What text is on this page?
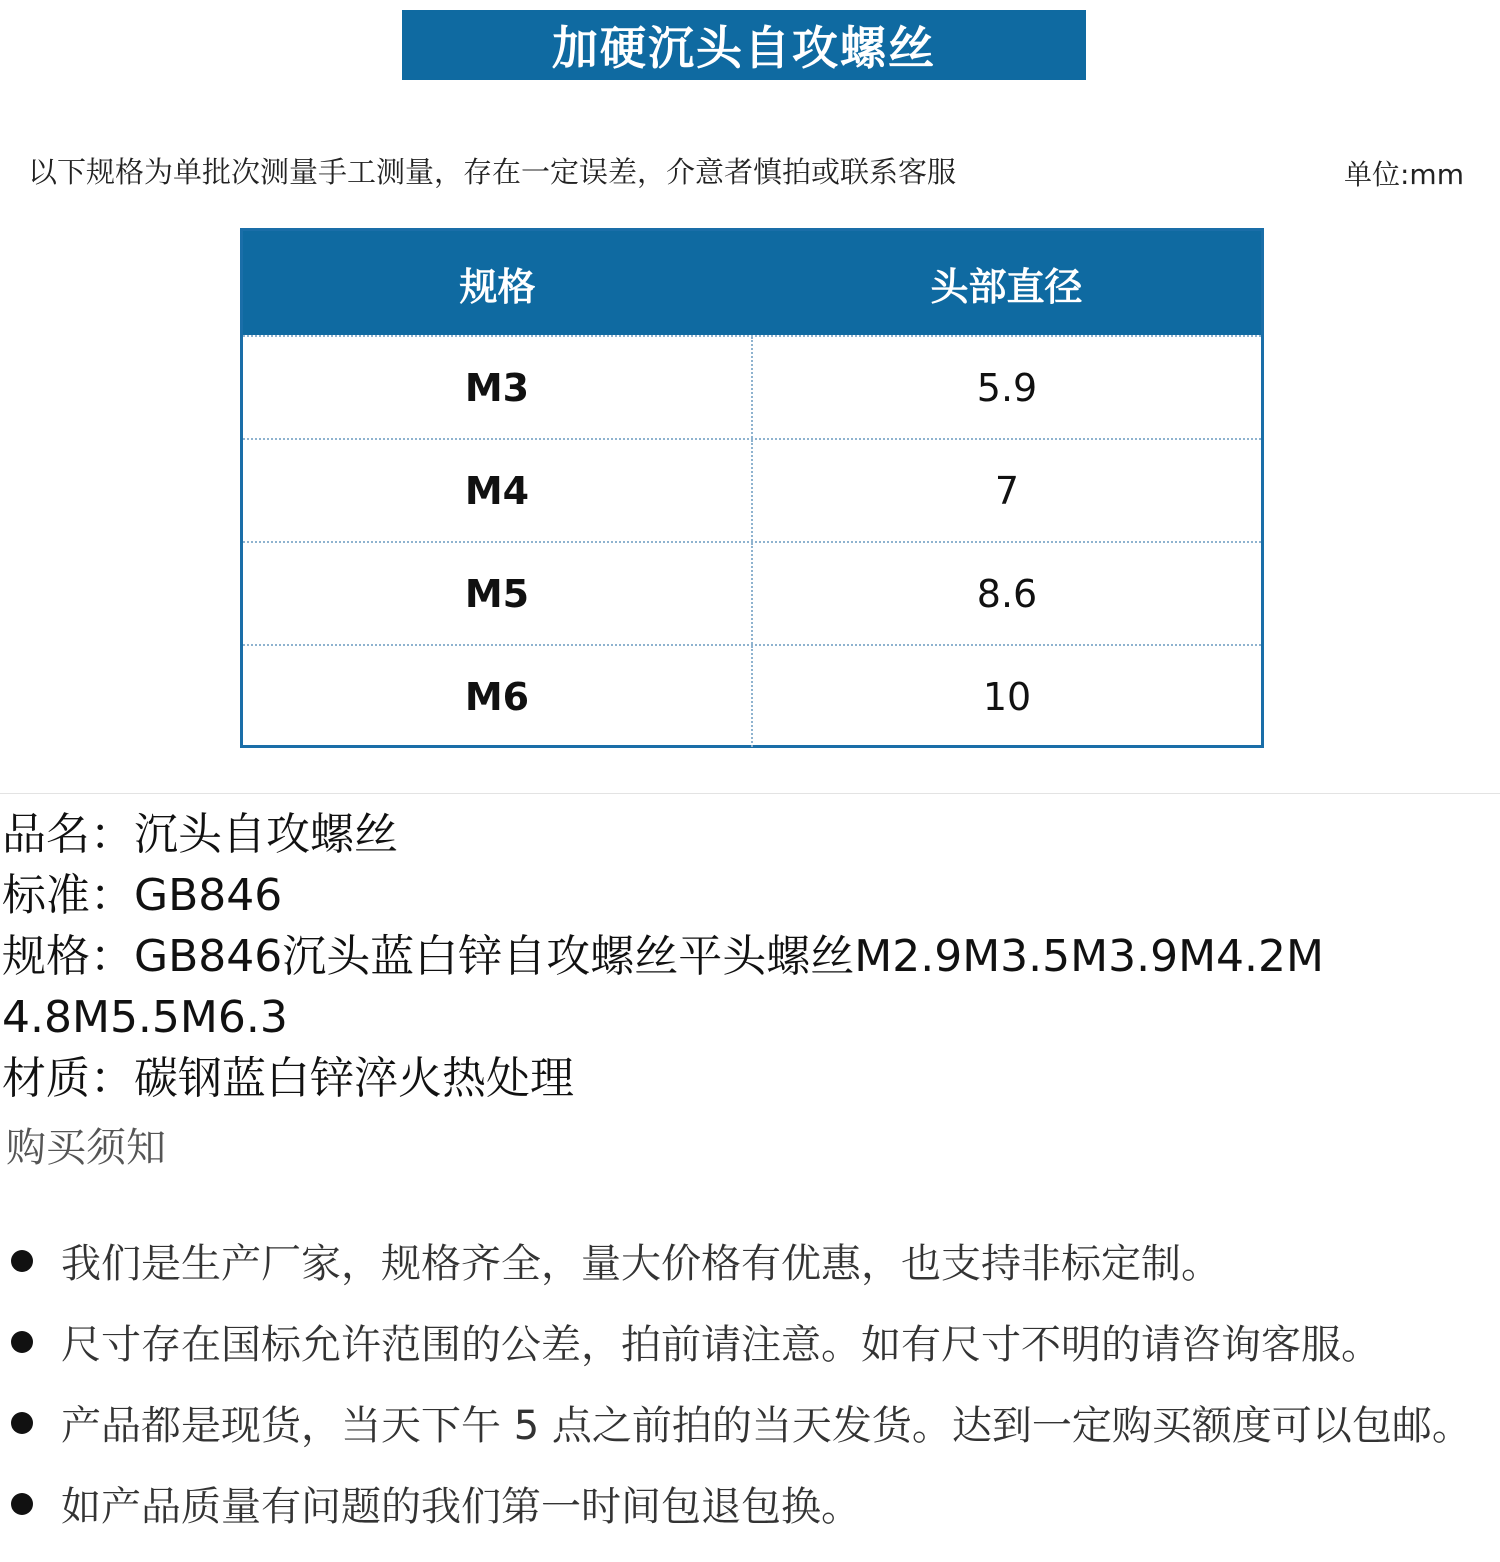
加硬沉头自攻螺丝
以下规格为单批次测量手工测量，存在一定误差，介意者慎拍或联系客服	单位:mm
规格	头部直径
M3	5.9
M4	7
M5	8.6
M6	10
品名：沉头自攻螺丝
标准：GB846
规格：GB846沉头蓝白锌自攻螺丝平头螺丝M2.9M3.5M3.9M4.2M4.8M5.5M6.3
材质：碳钢蓝白锌淬火热处理
购买须知
我们是生产厂家，规格齐全，量大价格有优惠，也支持非标定制。
尺寸存在国标允许范围的公差，拍前请注意。如有尺寸不明的请咨询客服。
产品都是现货，当天下午 5 点之前拍的当天发货。达到一定购买额度可以包邮。
如产品质量有问题的我们第一时间包退包换。
